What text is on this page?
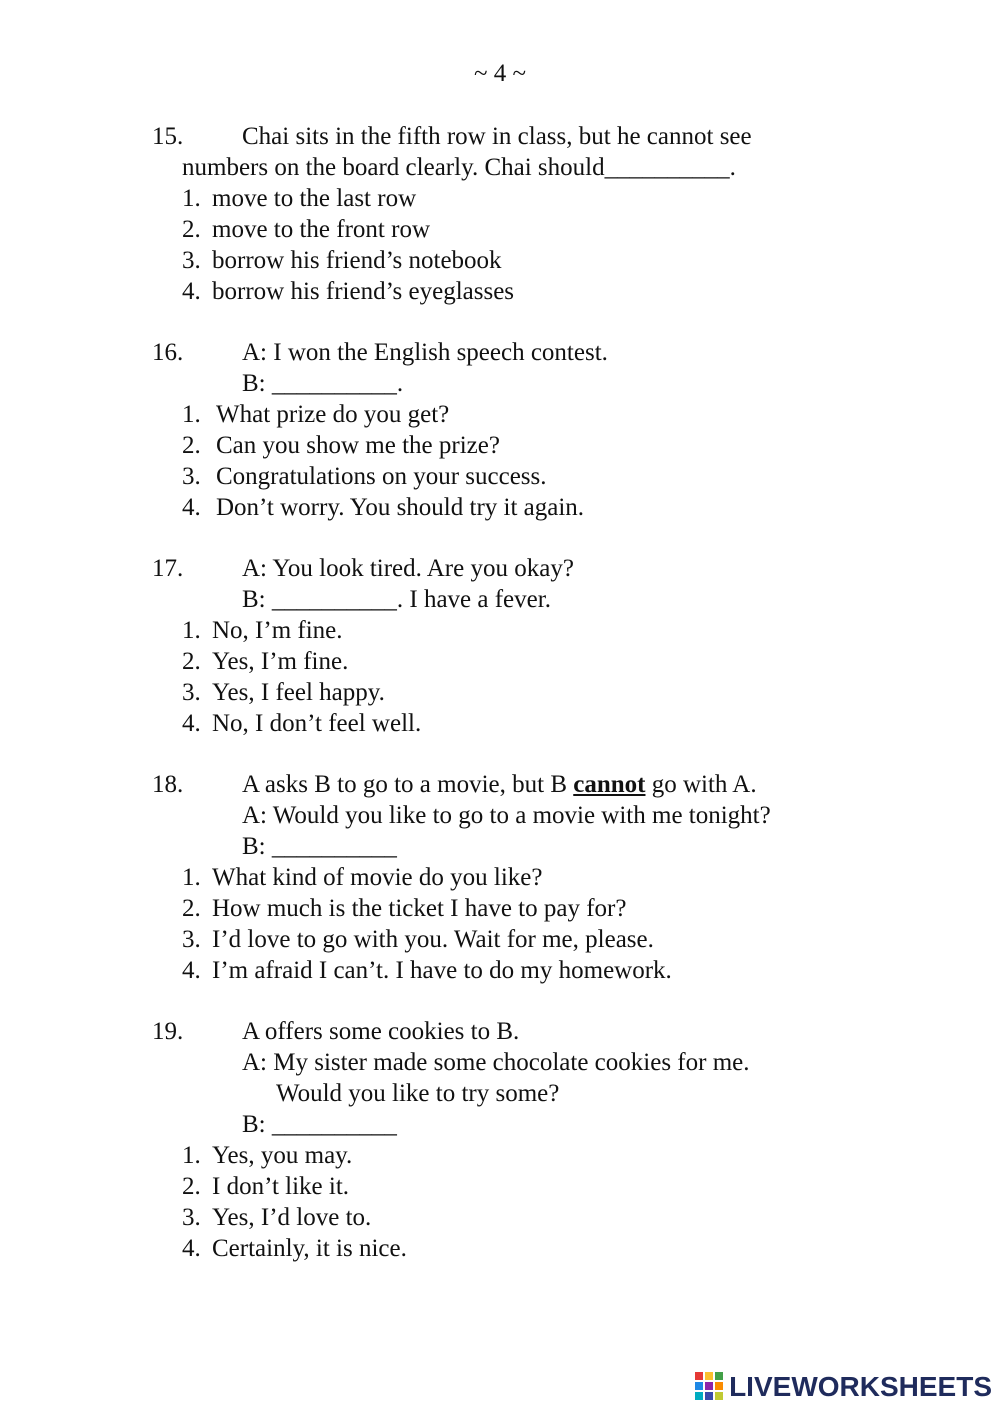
~ 4 ~
15. Chai sits in the fifth row in class, but he cannot see
numbers on the board clearly. Chai should__________.
1. move to the last row
2. move to the front row
3. borrow his friend’s notebook
4. borrow his friend’s eyeglasses
16. A: I won the English speech contest.
B: __________.
1. What prize do you get?
2. Can you show me the prize?
3. Congratulations on your success.
4. Don’t worry. You should try it again.
17. A: You look tired. Are you okay?
B: __________. I have a fever.
1. No, I’m fine.
2. Yes, I’m fine.
3. Yes, I feel happy.
4. No, I don’t feel well.
18. A asks B to go to a movie, but B cannot go with A.
A: Would you like to go to a movie with me tonight?
B: __________
1. What kind of movie do you like?
2. How much is the ticket I have to pay for?
3. I’d love to go with you. Wait for me, please.
4. I’m afraid I can’t. I have to do my homework.
19. A offers some cookies to B.
A: My sister made some chocolate cookies for me.
Would you like to try some?
B: __________
1. Yes, you may.
2. I don’t like it.
3. Yes, I’d love to.
4. Certainly, it is nice.
LIVEWORKSHEETS
